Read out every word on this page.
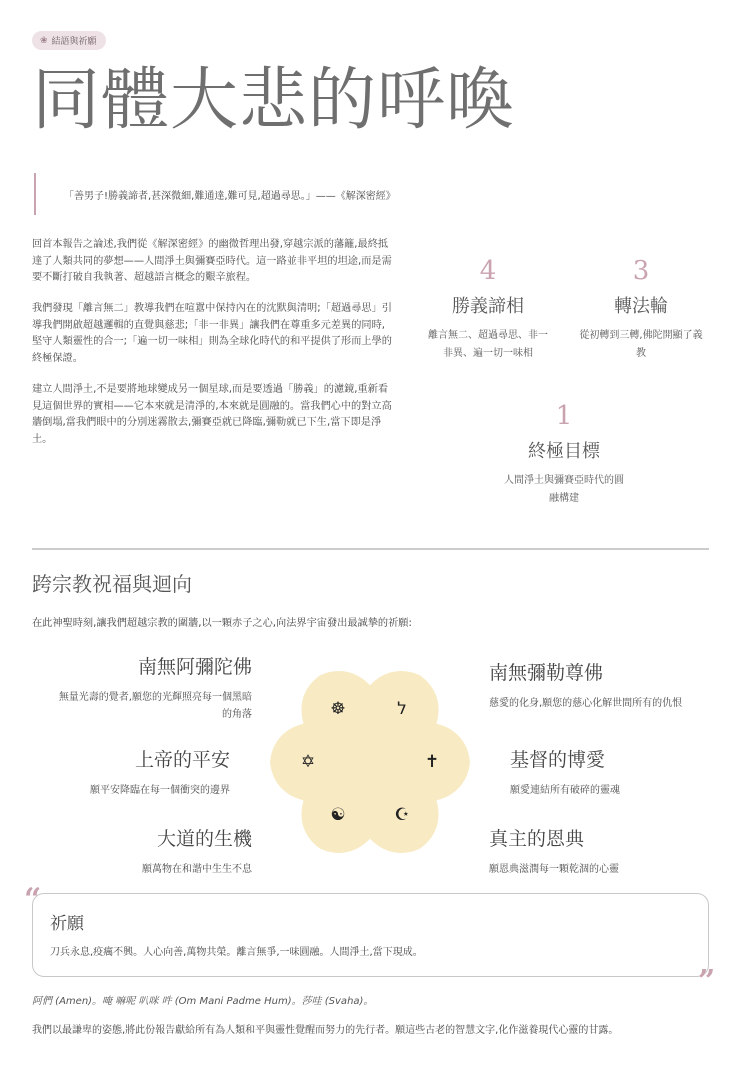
❀ 結語與祈願
同體大悲的呼喚
「善男子!勝義諦者,甚深微細,難通達,難可見,超過尋思。」——《解深密經》

回首本報告之論述,我們從《解深密經》的幽微哲理出發,穿越宗派的藩籬,最終抵達了人類共同的夢想——人間淨土與彌賽亞時代。這一路並非平坦的坦途,而是需要不斷打破自我執著、超越語言概念的艱辛旅程。

我們發現「離言無二」教導我們在喧囂中保持內在的沈默與清明;「超過尋思」引導我們開啟超越邏輯的直覺與慈悲;「非一非異」讓我們在尊重多元差異的同時,堅守人類靈性的合一;「遍一切一味相」則為全球化時代的和平提供了形而上學的終極保證。

建立人間淨土,不是要將地球變成另一個星球,而是要透過「勝義」的濾鏡,重新看見這個世界的實相——它本來就是清淨的,本來就是圓融的。當我們心中的對立高牆倒塌,當我們眼中的分別迷霧散去,彌賽亞就已降臨,彌勒就已下生,當下即是淨土。

4
勝義諦相
離言無二、超過尋思、非一
非異、遍一切一味相
3
轉法輪
從初轉到三轉,佛陀開顯了義
教
1
終極目標
人間淨土與彌賽亞時代的圓
融構建
跨宗教祝福與迴向
在此神聖時刻,讓我們超越宗教的圍牆,以一顆赤子之心,向法界宇宙發出最誠摯的祈願:
南無阿彌陀佛
無量光壽的覺者,願您的光輝照亮每一個黑暗
的角落
上帝的平安
願平安降臨在每一個衝突的邊界
大道的生機
願萬物在和諧中生生不息
南無彌勒尊佛
慈愛的化身,願您的慈心化解世間所有的仇恨
基督的博愛
願愛連結所有破碎的靈魂
真主的恩典
願恩典滋潤每一顆乾涸的心靈
☸	ל
✡	✝
☯	☪
“
”
祈願
刀兵永息,疫癘不興。人心向善,萬物共榮。離言無爭,一味圓融。人間淨土,當下現成。
阿們 (Amen)。唵 嘛呢 叭咪 吽 (Om Mani Padme Hum)。莎哇 (Svaha)。
我們以最謙卑的姿態,將此份報告獻給所有為人類和平與靈性覺醒而努力的先行者。願這些古老的智慧文字,化作滋養現代心靈的甘露。
